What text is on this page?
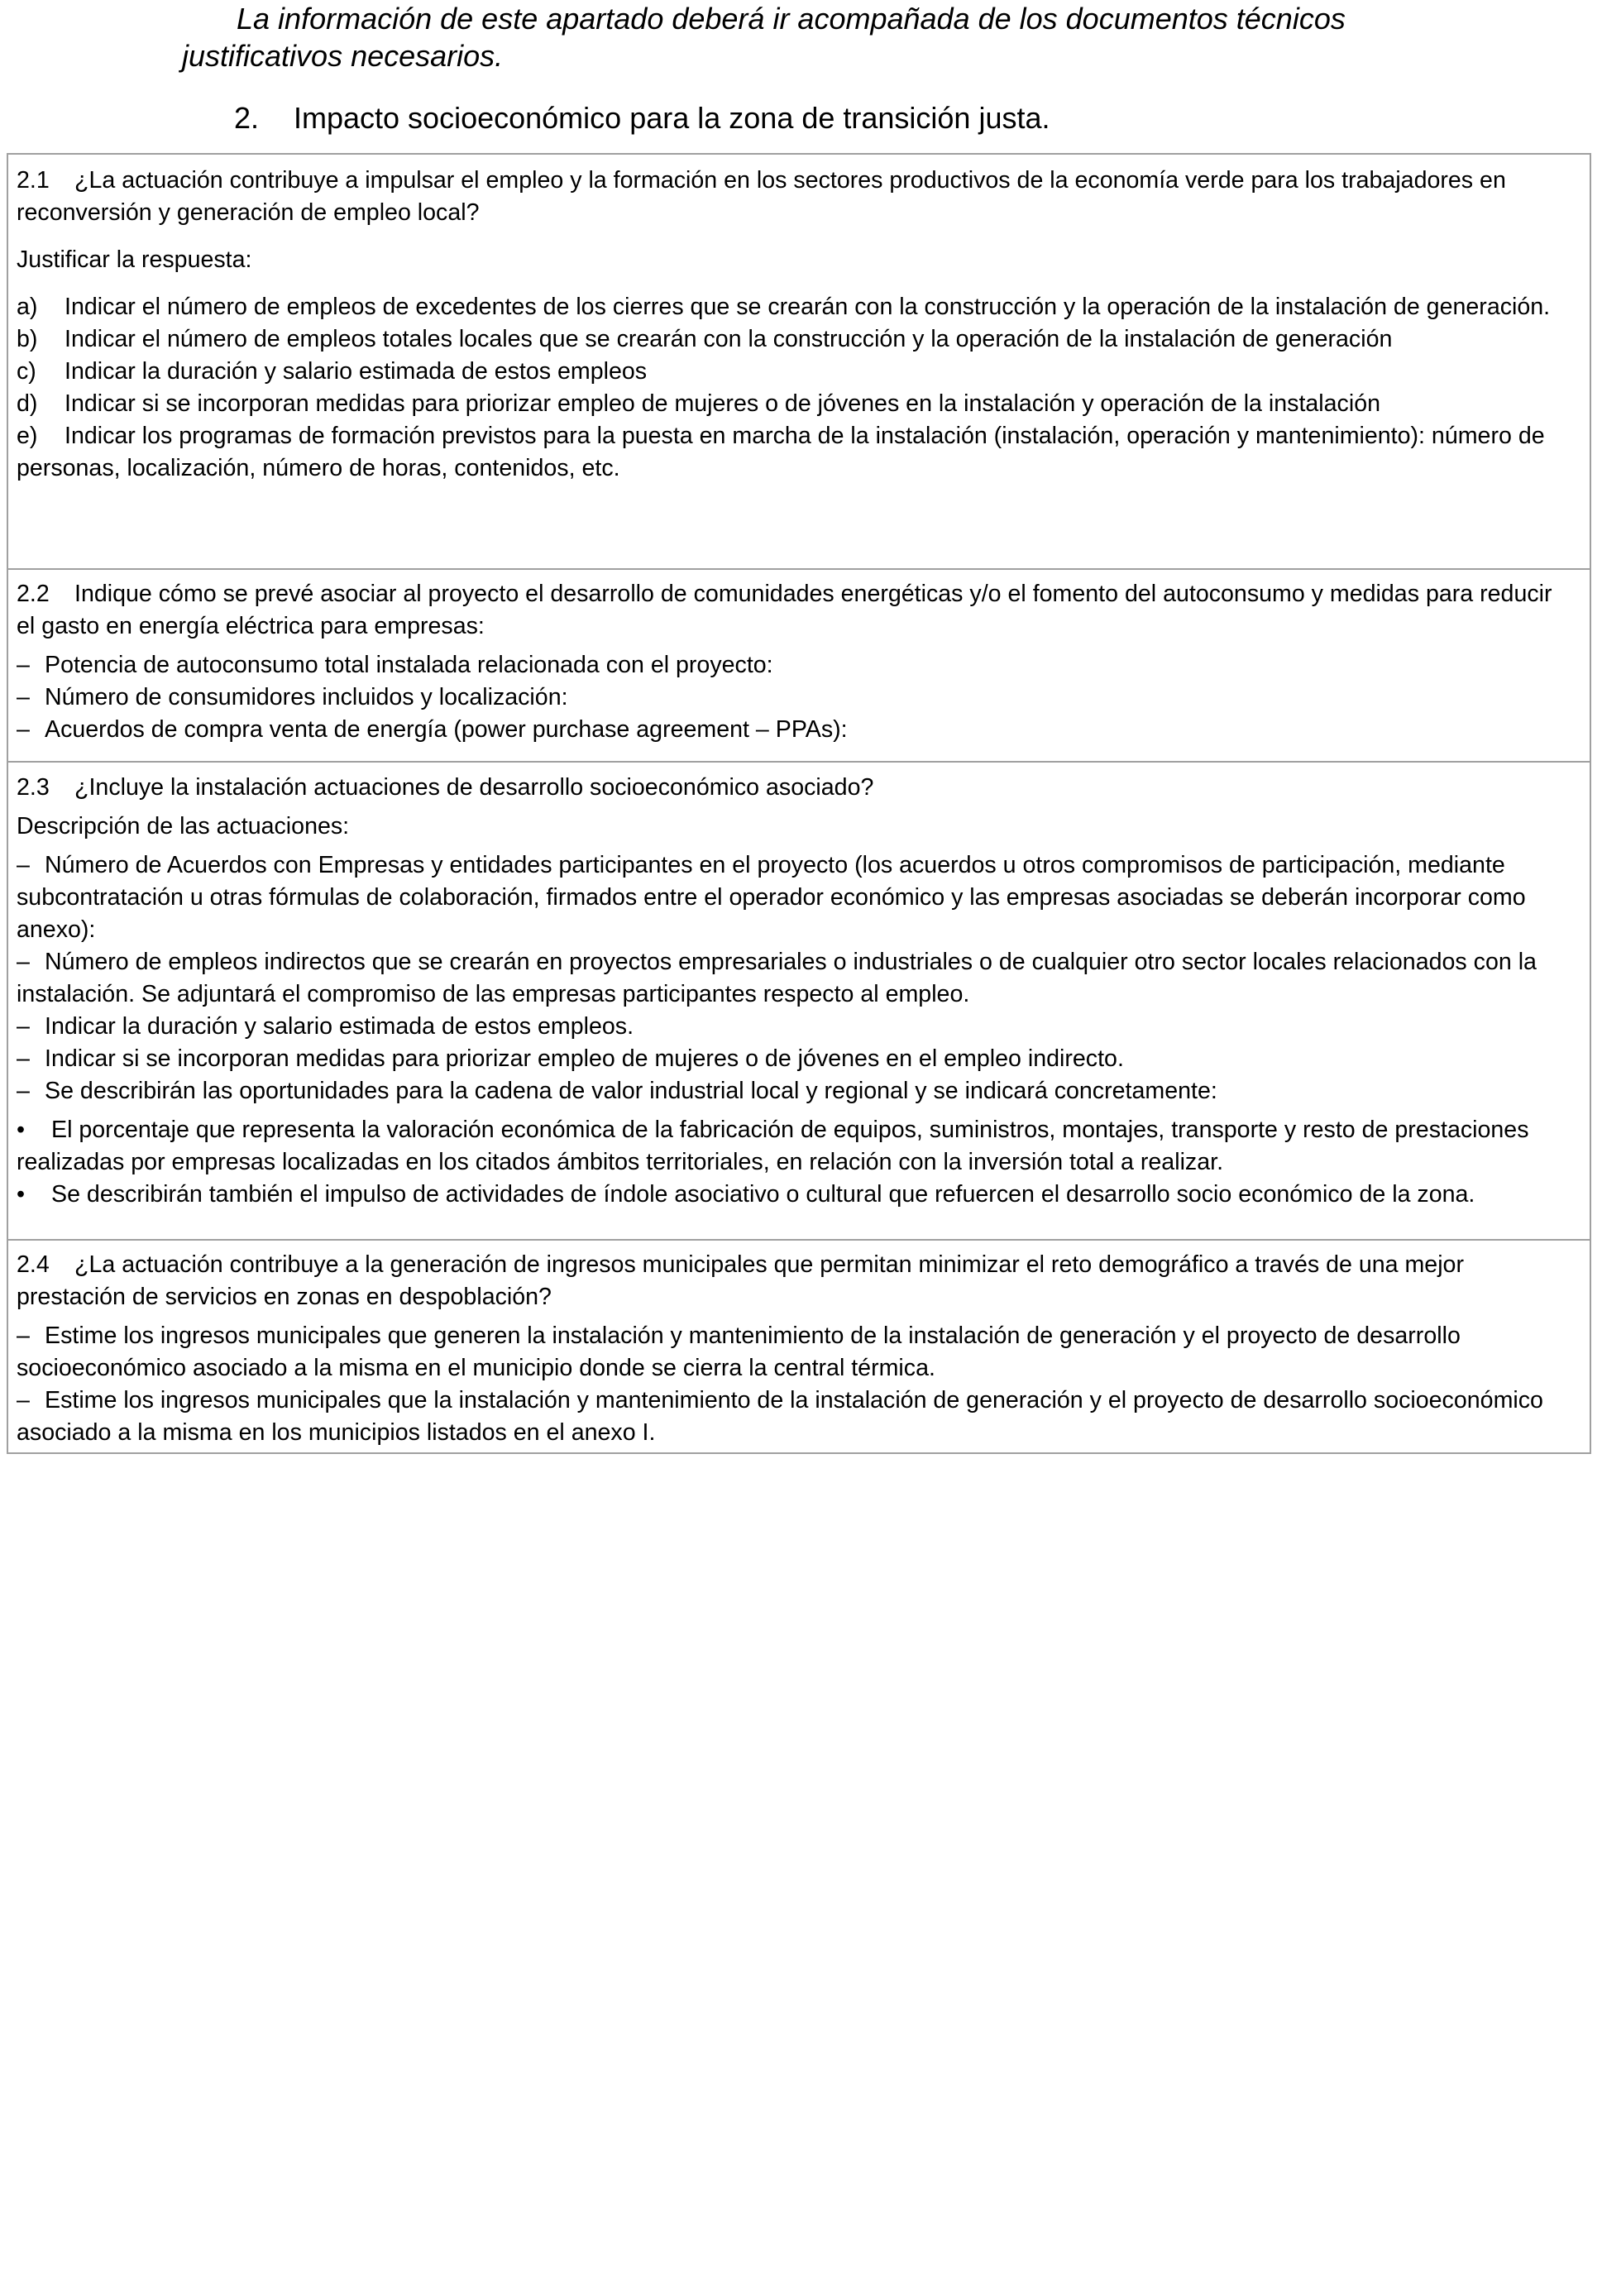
La información de este apartado deberá ir acompañada de los documentos técnicos
justificativos necesarios.
2. Impacto socioeconómico para la zona de transición justa.

2.1 ¿La actuación contribuye a impulsar el empleo y la formación en los sectores productivos de la economía verde para los trabajadores en reconversión y generación de empleo local?

Justificar la respuesta:

a) Indicar el número de empleos de excedentes de los cierres que se crearán con la construcción y la operación de la instalación de generación.

b) Indicar el número de empleos totales locales que se crearán con la construcción y la operación de la instalación de generación

c) Indicar la duración y salario estimada de estos empleos

d) Indicar si se incorporan medidas para priorizar empleo de mujeres o de jóvenes en la instalación y operación de la instalación

e) Indicar los programas de formación previstos para la puesta en marcha de la instalación (instalación, operación y mantenimiento): número de personas, localización, número de horas, contenidos, etc.

2.2 Indique cómo se prevé asociar al proyecto el desarrollo de comunidades energéticas y/o el fomento del autoconsumo y medidas para reducir el gasto en energía eléctrica para empresas:

– Potencia de autoconsumo total instalada relacionada con el proyecto:

– Número de consumidores incluidos y localización:

– Acuerdos de compra venta de energía (power purchase agreement – PPAs):

2.3 ¿Incluye la instalación actuaciones de desarrollo socioeconómico asociado?

Descripción de las actuaciones:

– Número de Acuerdos con Empresas y entidades participantes en el proyecto (los acuerdos u otros compromisos de participación, mediante subcontratación u otras fórmulas de colaboración, firmados entre el operador económico y las empresas asociadas se deberán incorporar como anexo):

– Número de empleos indirectos que se crearán en proyectos empresariales o industriales o de cualquier otro sector locales relacionados con la instalación. Se adjuntará el compromiso de las empresas participantes respecto al empleo.

– Indicar la duración y salario estimada de estos empleos.

– Indicar si se incorporan medidas para priorizar empleo de mujeres o de jóvenes en el empleo indirecto.

– Se describirán las oportunidades para la cadena de valor industrial local y regional y se indicará concretamente:

• El porcentaje que representa la valoración económica de la fabricación de equipos, suministros, montajes, transporte y resto de prestaciones realizadas por empresas localizadas en los citados ámbitos territoriales, en relación con la inversión total a realizar.

• Se describirán también el impulso de actividades de índole asociativo o cultural que refuercen el desarrollo socio económico de la zona.

2.4 ¿La actuación contribuye a la generación de ingresos municipales que permitan minimizar el reto demográfico a través de una mejor prestación de servicios en zonas en despoblación?

– Estime los ingresos municipales que generen la instalación y mantenimiento de la instalación de generación y el proyecto de desarrollo socioeconómico asociado a la misma en el municipio donde se cierra la central térmica.

– Estime los ingresos municipales que la instalación y mantenimiento de la instalación de generación y el proyecto de desarrollo socioeconómico asociado a la misma en los municipios listados en el anexo I.
